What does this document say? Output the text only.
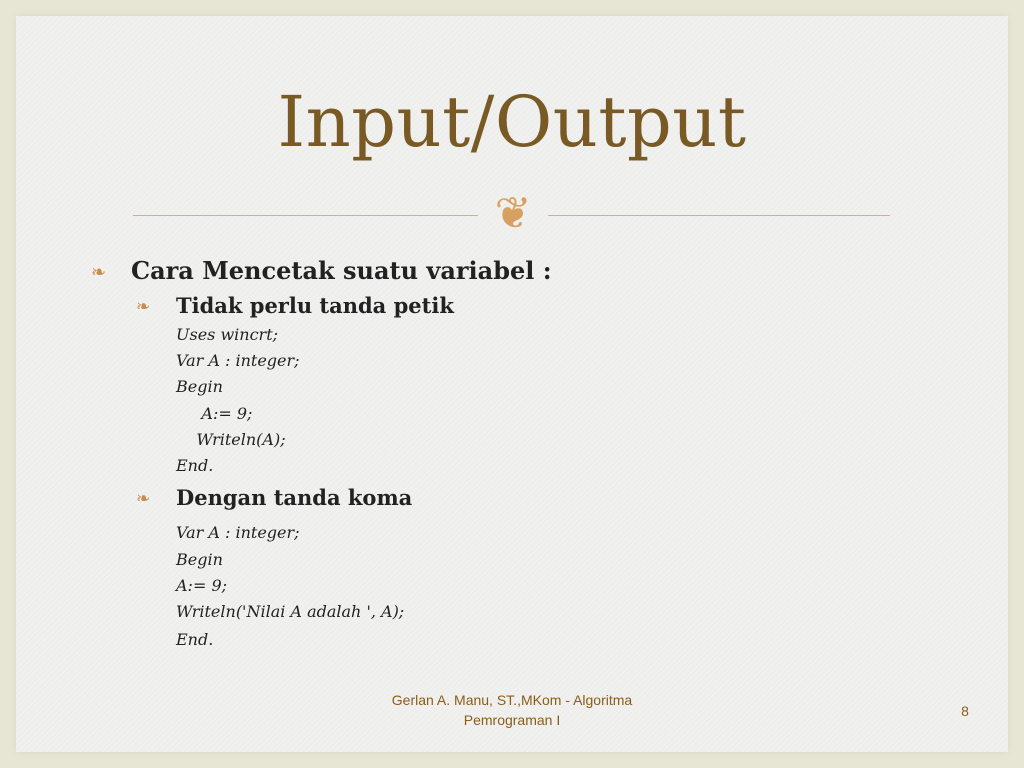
Input/Output
❦
❧ Cara Mencetak suatu variabel :
❧ Tidak perlu tanda petik
Uses wincrt;
Var A : integer;
Begin
A:= 9;
Writeln(A);
End.
❧ Dengan tanda koma
Var A : integer;
Begin
A:= 9;
Writeln('Nilai A adalah ', A);
End.
Gerlan A. Manu, ST.,MKom - Algoritma
Pemrograman I
8
